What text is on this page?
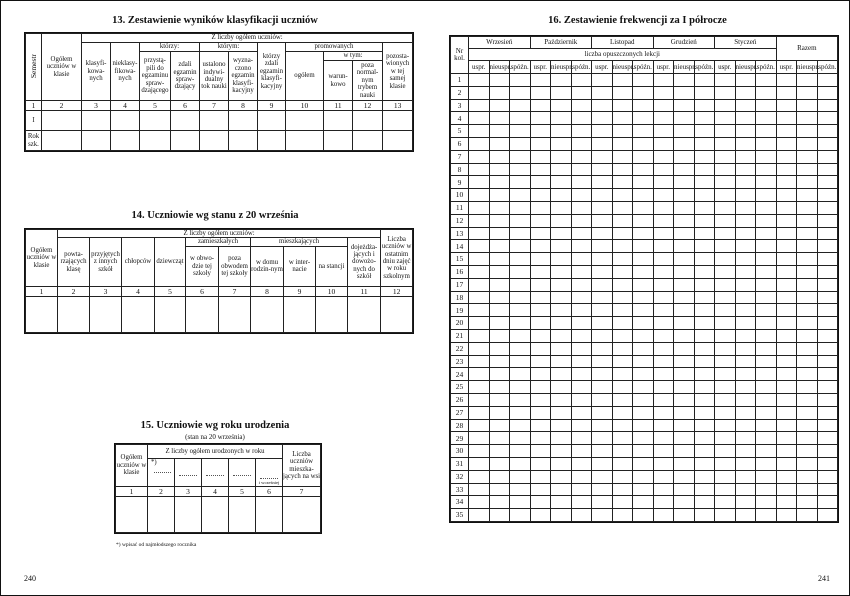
13. Zestawienie wyników klasyfikacji uczniów
Semestr	Ogółem uczniów w klasie	Z liczby ogółem uczniów:										
		klasyfi-kowa-nych	nieklasy-fikowa-nych	którzy:		którym:		którzy zdali egzamin klasyfi-kacyjny	promowanych			pozosta-wionych w tej samej klasie
				przystą-pili do egzaminu spraw-dzającego	zdali egzamin spraw-dzający	ustalono indywi-dualny tok nauki	wyzna-czono egzamin klasyfi-kacyjny		ogółem	w tym:		
										warun-kowo	poza normal-nym trybem nauki	
1	2	3	4	5	6	7	8	9	10	11	12	13
I												
Rok szk.												
14. Uczniowie wg stanu z 20 września
Ogółem uczniów w klasie	Z liczby ogółem uczniów:										Liczba uczniów w ostatnim dniu zajęć w roku szkolnym
	powta-rzających klasę	przyjętych z innych szkół	chłopców	dziewcząt	zamieszkałych		mieszkających			dojeżdża-jących i dowożo-nych do szkół	
					w obwo-dzie tej szkoły	poza obwodem tej szkoły	w domu rodzin-nym	w inter-nacie	na stancji		
1	2	3	4	5	6	7	8	9	10	11	12

15. Uczniowie wg roku urodzenia
(stan na 20 września)
Ogółem uczniów w klasie	Z liczby ogółem urodzonych w roku					Liczba uczniów mieszka-jących na wsi
	*)				i wcześniej	
1	2	3	4	5	6	7

*) wpisać od najmłodszego rocznika
240
16. Zestawienie frekwencji za I półrocze
Nr kol.	Wrzesień			Październik			Listopad			Grudzień			Styczeń			Razem		
	liczba opuszczonych lekcji																	
	uspr.	nieuspr.	spóźn.	uspr.	nieuspr.	spóźn.	uspr.	nieuspr.	spóźn.	uspr.	nieuspr.	spóźn.	uspr.	nieuspr.	spóźn.	uspr.	nieuspr.	spóźn.
1																		
2																		
3																		
4																		
5																		
6																		
7																		
8																		
9																		
10																		
11																		
12																		
13																		
14																		
15																		
16																		
17																		
18																		
19																		
20																		
21																		
22																		
23																		
24																		
25																		
26																		
27																		
28																		
29																		
30																		
31																		
32																		
33																		
34																		
35																		
241
